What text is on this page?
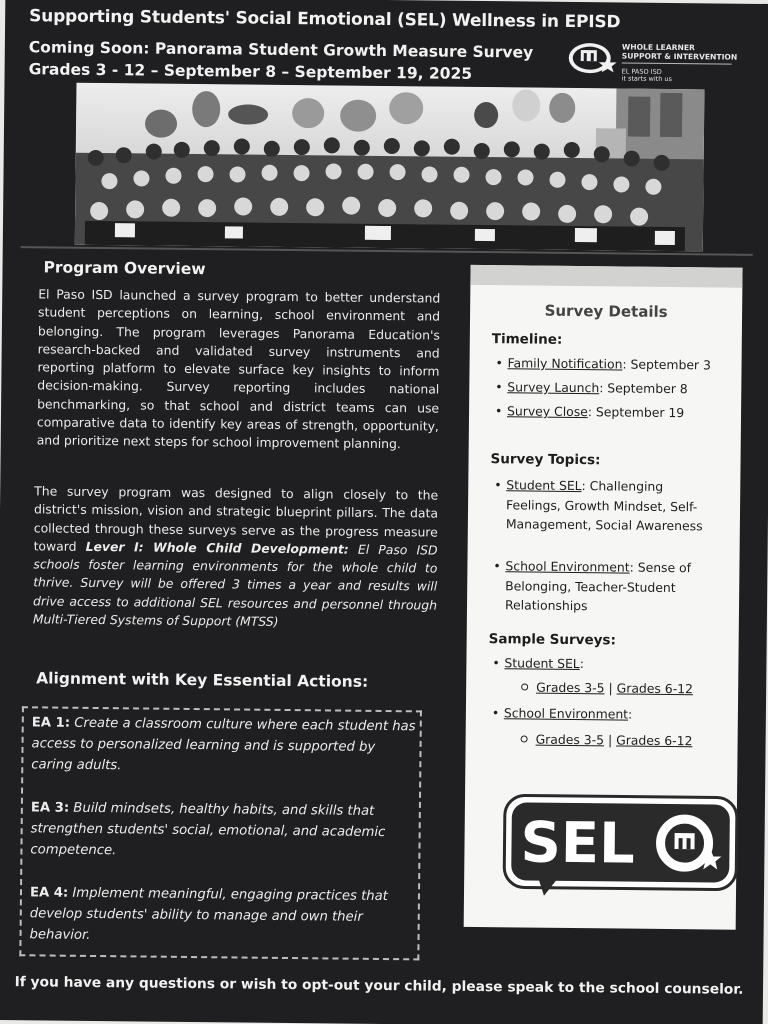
Supporting Students' Social Emotional (SEL) Wellness in EPISD
Coming Soon: Panorama Student Growth Measure Survey
Grades 3 - 12 – September 8 – September 19, 2025
WHOLE LEARNER
SUPPORT & INTERVENTION
EL PASO ISD
it starts with us
Program Overview

El Paso ISD launched a survey program to better understand student perceptions on learning, school environment and belonging. The program leverages Panorama Education's research-backed and validated survey instruments and reporting platform to elevate surface key insights to inform decision-making. Survey reporting includes national benchmarking, so that school and district teams can use comparative data to identify key areas of strength, opportunity, and prioritize next steps for school improvement planning.

The survey program was designed to align closely to the district's mission, vision and strategic blueprint pillars. The data collected through these surveys serve as the progress measure toward Lever I: Whole Child Development: El Paso ISD schools foster learning environments for the whole child to thrive. Survey will be offered 3 times a year and results will drive access to additional SEL resources and personnel through Multi-Tiered Systems of Support (MTSS)

Alignment with Key Essential Actions:

EA 1: Create a classroom culture where each student has access to personalized learning and is supported by caring adults.

EA 3: Build mindsets, healthy habits, and skills that strengthen students' social, emotional, and academic competence.

EA 4: Implement meaningful, engaging practices that develop students' ability to manage and own their behavior.

Survey Details
Timeline:
• Family Notification: September 3
• Survey Launch: September 8
• Survey Close: September 19
Survey Topics:
• Student SEL: Challenging Feelings, Growth Mindset, Self-Management, Social Awareness
• School Environment: Sense of Belonging, Teacher-Student Relationships
Sample Surveys:
• Student SEL:
Grades 3-5 | Grades 6-12
• School Environment:
Grades 3-5 | Grades 6-12
SEL
If you have any questions or wish to opt-out your child, please speak to the school counselor.
